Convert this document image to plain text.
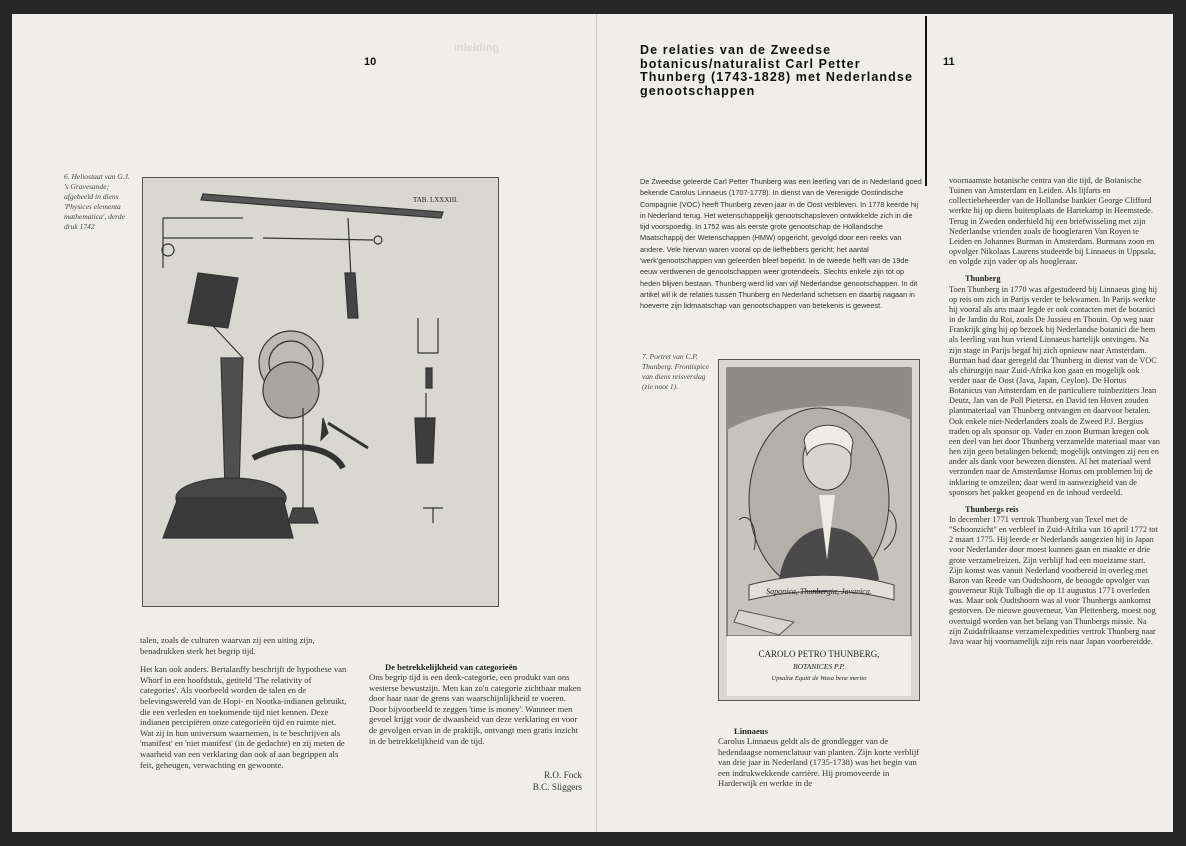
Inleiding
10
6. Heliostaat van G.J. 's Gravesande; afgebeeld in diens 'Physices elementa mathematica', derde druk 1742
TAB. LXXXIII.

talen, zoals de culturen waarvan zij een uiting zijn, benadrukken sterk het begrip tijd.

Het kan ook anders. Bertalanffy beschrijft de hypothese van Whorf in een hoofdstuk, getiteld 'The relativity of categories'. Als voorbeeld worden de talen en de belevingswereld van de Hopi- en Nootka-indianen gebruikt, die een verleden en toekomende tijd niet kennen. Deze indianen percipiëren onze categorieën tijd en ruimte niet. Wat zij in hun universum waarnemen, is te beschrijven als 'manifest' en 'niet manifest' (in de gedachte) en zij meten de waarheid van een verklaring dan ook af aan begrippen als feit, geheugen, verwachting en gewoonte.

De betrekkelijkheid van categorieën

Ons begrip tijd is een denk-categorie, een produkt van ons westerse bewustzijn. Men kan zo'n categorie zichtbaar maken door haar naar de grens van waarschijnlijkheid te voeren. Door bijvoorbeeld te zeggen 'time is money'. Wanneer men gevoel krijgt voor de dwaasheid van deze verklaring en voor de gevolgen ervan in de praktijk, ontvangt men gratis inzicht in de betrekkelijkheid van de tijd.

R.O. Fock
B.C. Sliggers
De relaties van de Zweedse
botanicus/naturalist Carl Petter
Thunberg (1743-1828) met Nederlandse
genootschappen
11
De Zweedse geleerde Carl Petter Thunberg was een leerling van de in Nederland goed bekende Carolus Linnaeus (1707-1778). In dienst van de Verenigde Oostindische Compagnie (VOC) heeft Thunberg zeven jaar in de Oost verbleven. In 1778 keerde hij in Nederland terug. Het wetenschappelijk genootschapsleven ontwikkelde zich in die tijd voorspoedig. In 1752 was als eerste grote genootschap de Hollandsche Maatschappij der Wetenschappen (HMW) opgericht, gevolgd door een reeks van andere. Vele hiervan waren vooral op de liefhebbers gericht; het aantal 'werk'genootschappen van geleerden bleef beperkt. In de tweede helft van de 19de eeuw verdwenen de genootschappen weer grotendeels. Slechts enkele zijn tot op heden blijven bestaan. Thunberg werd lid van vijf Nederlandse genootschappen. In dit artikel wil ik de relaties tussen Thunberg en Nederland schetsen en daarbij nagaan in hoeverre zijn lidmaatschap van genootschappen van betekenis is geweest.
7. Portret van C.P. Thunberg. Frontispice van diens reisverslag (zie noot 1).
Sapanica, Thunbergia, Javanica.
CAROLO PETRO THUNBERG,
BOTANICES P.P.
Upsaliæ Equiti de Wasa bene merito
Linnaeus

Carolus Linnaeus geldt als de grondlegger van de hedendaagse nomenclatuur van planten. Zijn korte verblijf van drie jaar in Nederland (1735-1738) was het begin van een indrukwekkende carrière. Hij promoveerde in Harderwijk en werkte in de

voornaamste botanische centra van die tijd, de Botanische Tuinen van Amsterdam en Leiden. Als lijfarts en collectiebeheerder van de Hollandse bankier George Clifford werkte hij op diens buitenplaats de Hartekamp in Heemstede. Terug in Zweden onderhield hij een briefwisseling met zijn Nederlandse vrienden zoals de hoogleraren Van Royen te Leiden en Johannes Burman in Amsterdam. Burmans zoon en opvolger Nikolaas Laurens studeerde bij Linnaeus in Uppsala, en volgde zijn vader op als hoogleraar.

Thunberg

Toen Thunberg in 1770 was afgestudeerd bij Linnaeus ging hij op reis om zich in Parijs verder te bekwamen. In Parijs werkte hij vooral als arts maar legde er ook contacten met de botanici in de Jardin du Roi, zoals De Jussieu en Thouin. Op weg naar Frankrijk ging hij op bezoek bij Nederlandse botanici die hem als leerling van hun vriend Linnaeus hartelijk ontvingen. Na zijn stage in Parijs begaf hij zich opnieuw naar Amsterdam. Burman had daar geregeld dat Thunberg in dienst van de VOC als chirurgijn naar Zuid-Afrika kon gaan en mogelijk ook verder naar de Oost (Java, Japan, Ceylon). De Hortus Botanicus van Amsterdam en de particuliere tuinbezitters Jean Deutz, Jan van de Poll Pietersz. en David ten Hoven zouden plantmateriaal van Thunberg ontvangen en daarvoor betalen. Ook enkele niet-Nederlanders zoals de Zweed P.J. Bergius traden op als sponsor op. Vader en zoon Burman kregen ook een deel van het door Thunberg verzamelde materiaal maar van hen zijn geen betalingen bekend; mogelijk ontvingen zij een en ander als dank voor bewezen diensten. Al het materiaal werd verzonden naar de Amsterdamse Hortus om problemen bij de inklaring te omzeilen; daar werd in aanwezigheid van de sponsors het pakket geopend en de inhoud verdeeld.

Thunbergs reis

In december 1771 vertrok Thunberg van Texel met de "Schoonzicht" en verbleef in Zuid-Afrika van 16 april 1772 tot 2 maart 1775. Hij leerde er Nederlands aangezien hij in Japan voor Nederlander door moest kunnen gaan en maakte er drie grote verzamelreizen. Zijn verblijf had een moeizame start. Zijn komst was vanuit Nederland voorbereid in overleg met Baron van Reede van Oudtshoorn, de beoogde opvolger van gouverneur Rijk Tulbagh die op 11 augustus 1771 overleden was. Maar ook Oudtshoorn was al voor Thunbergs aankomst gestorven. De nieuwe gouverneur, Van Plettenberg, moest nog overtuigd worden van het belang van Thunbergs missie. Na zijn Zuidafrikaanse verzamelexpedities vertrok Thunberg naar Java waar hij voornamelijk zijn reis naar Japan voorbereidde.
